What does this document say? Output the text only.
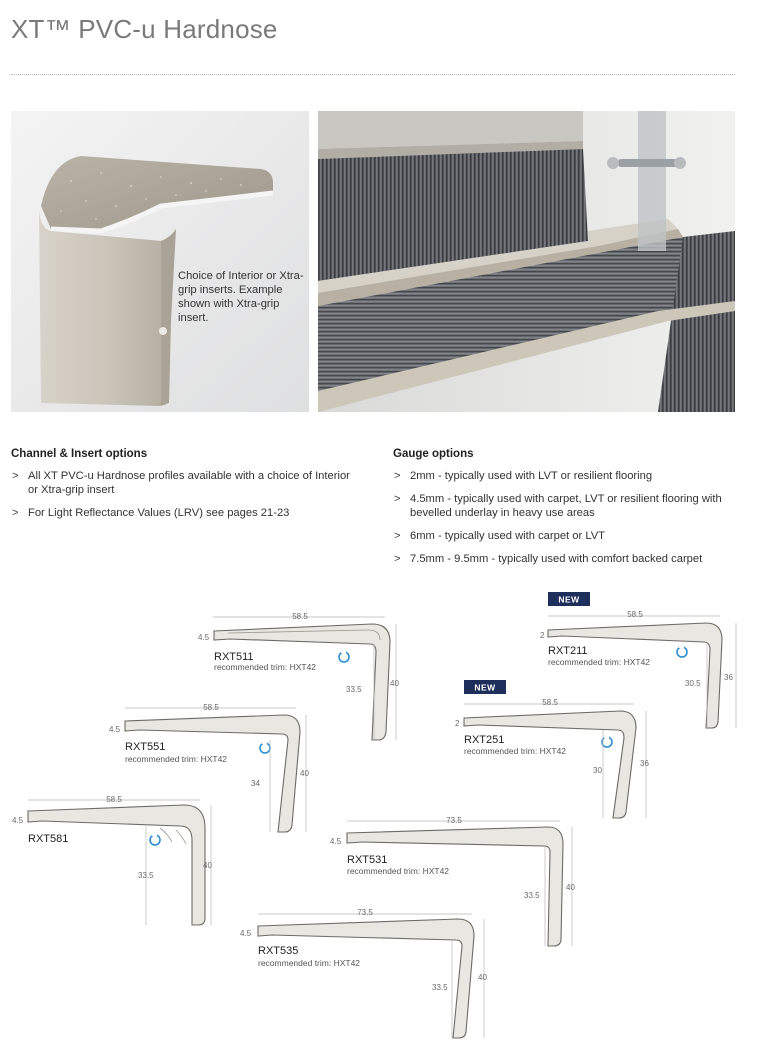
XT™ PVC-u Hardnose
Choice of Interior or Xtra-grip inserts. Example shown with Xtra-grip insert.
Channel & Insert options
> All XT PVC-u Hardnose profiles available with a choice of Interior or Xtra-grip insert
> For Light Reflectance Values (LRV) see pages 21-23
Gauge options
> 2mm - typically used with LVT or resilient flooring
> 4.5mm - typically used with carpet, LVT or resilient flooring with bevelled underlay in heavy use areas
> 6mm - typically used with carpet or LVT
> 7.5mm - 9.5mm - typically used with comfort backed carpet
58.5
4.5
RXT511
recommended trim: HXT42
33.5
40
NEW
58.5
2
RXT211
recommended trim: HXT42
30.5
36
58.5
4.5
RXT551
recommended trim: HXT42
34
40
NEW
58.5
2
RXT251
recommended trim: HXT42
30
36
58.5
4.5
RXT581
33.5
40
73.5
4.5
RXT531
recommended trim: HXT42
33.5
40
73.5
4.5
RXT535
recommended trim: HXT42
33.5
40
